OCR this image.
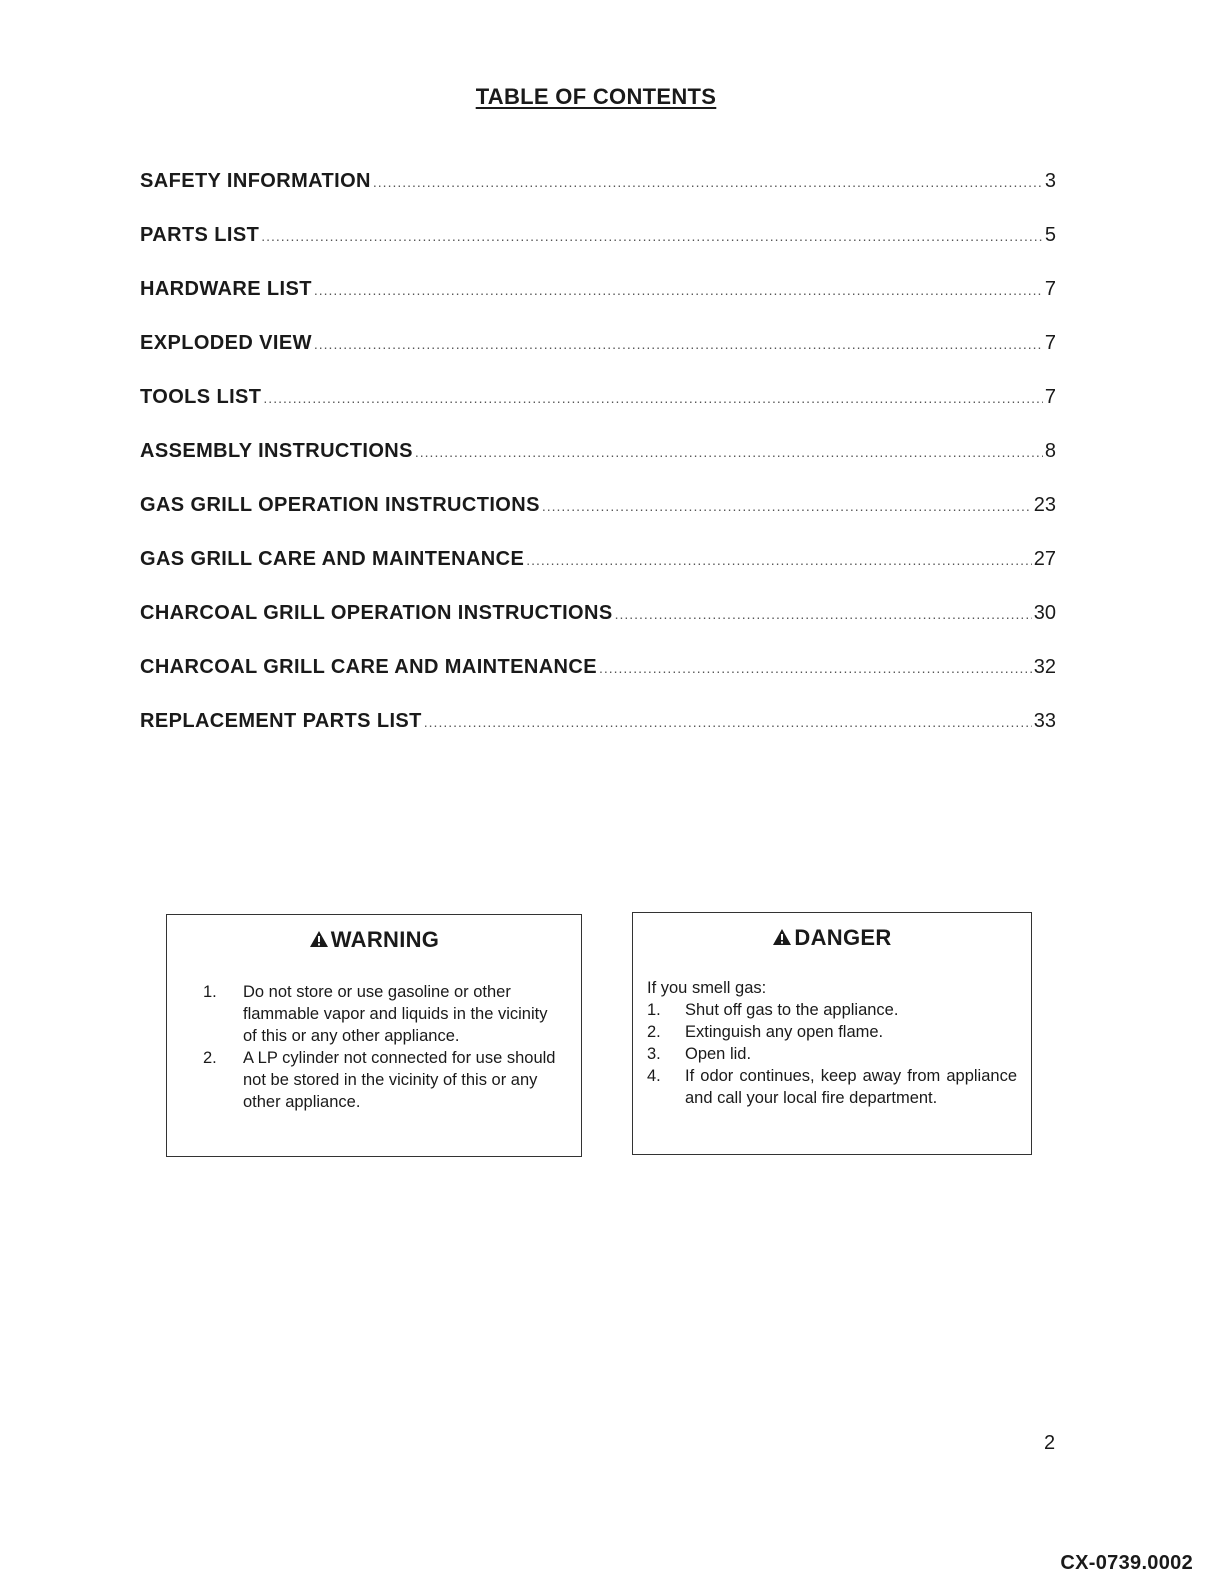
TABLE OF CONTENTS
SAFETY INFORMATION .....	3
PARTS LIST .....	5
HARDWARE LIST .....	7
EXPLODED VIEW .....	7
TOOLS LIST .....	7
ASSEMBLY INSTRUCTIONS .....	8
GAS GRILL OPERATION INSTRUCTIONS .....	23
GAS GRILL CARE AND MAINTENANCE .....	27
CHARCOAL GRILL OPERATION INSTRUCTIONS .....	30
CHARCOAL GRILL CARE AND MAINTENANCE .....	32
REPLACEMENT PARTS LIST .....	33
WARNING
1.	Do not store or use gasoline or other flammable vapor and liquids in the vicinity of this or any other appliance.
2.	A LP cylinder not connected for use should not be stored in the vicinity of this or any other appliance.
DANGER

If you smell gas:

1.	Shut off gas to the appliance.
2.	Extinguish any open flame.
3.	Open lid.
4.	If odor continues, keep away from appliance and call your local fire department.
2
CX-0739.0002
